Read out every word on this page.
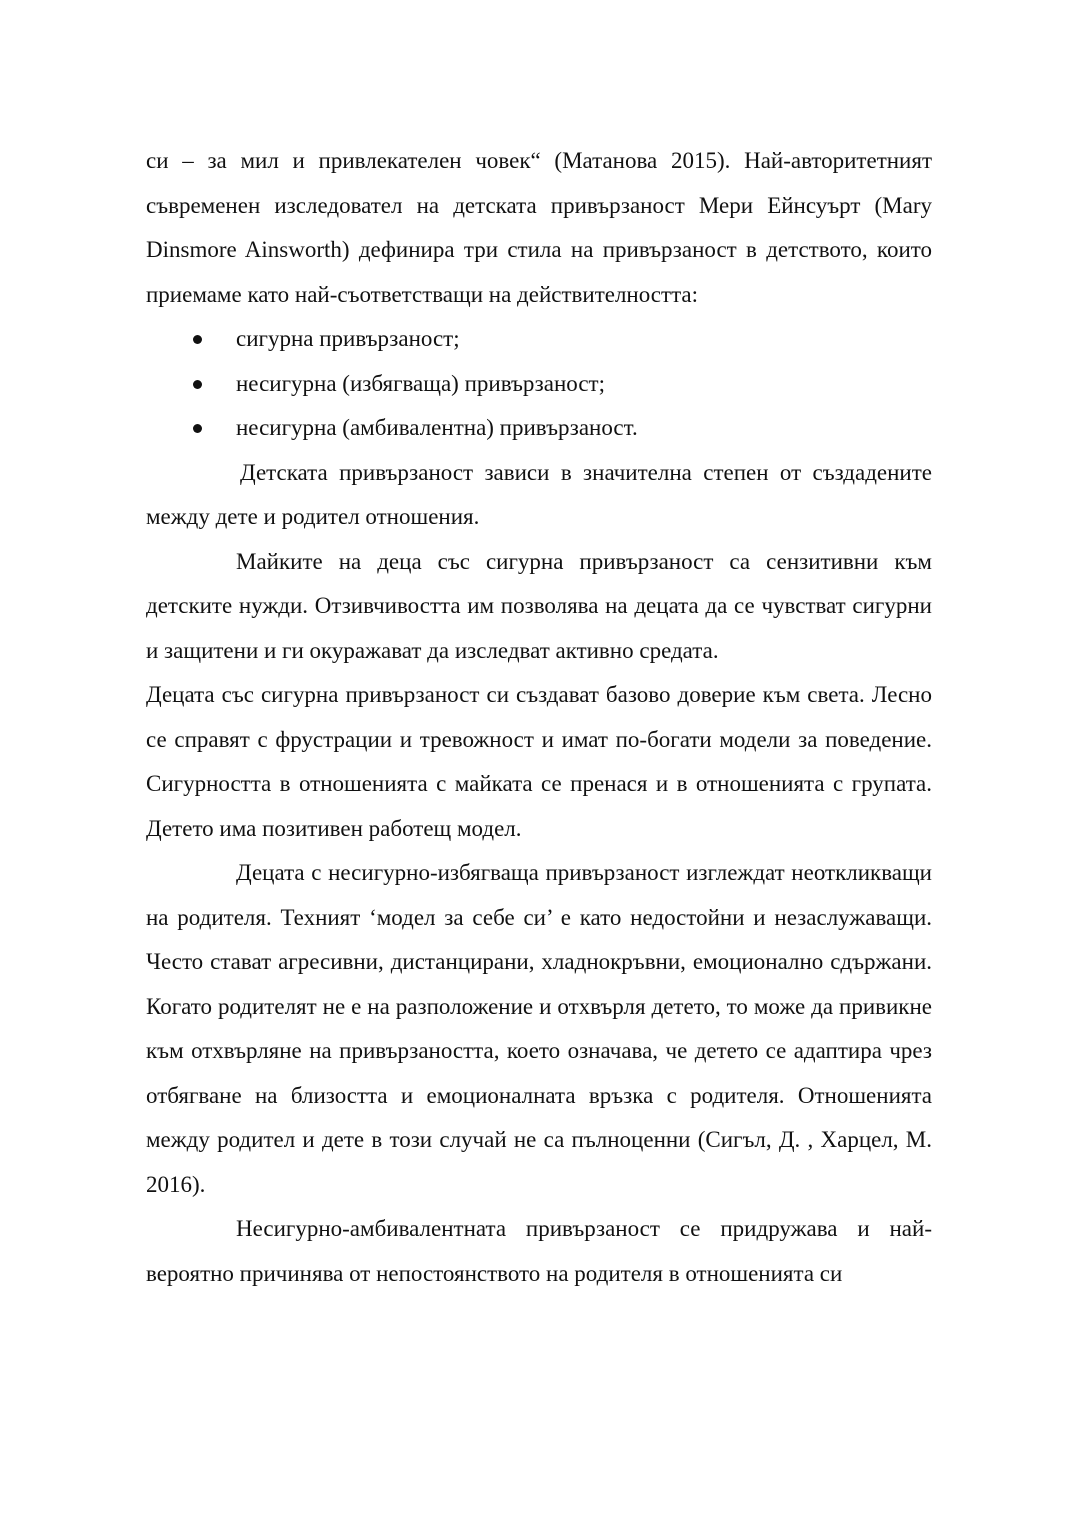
си – за мил и привлекателен човек“ (Матанова 2015). Най-авторитетният съвременен изследовател на детската привързаност Мери Ейнсуърт (Mary Dinsmore Ainsworth) дефинира три стила на привързаност в детството, които приемаме като най-съответстващи на действителността:

сигурна привързаност;
несигурна (избягваща) привързаност;
несигурна (амбивалентна) привързаност.

Детската привързаност зависи в значителна степен от създадените между дете и родител отношения.

Майките на деца със сигурна привързаност са сензитивни към детските нужди. Отзивчивостта им позволява на децата да се чувстват сигурни и защитени и ги окуражават да изследват активно средата.

Децата със сигурна привързаност си създават базово доверие към света. Лесно се справят с фрустрации и тревожност и имат по-богати модели за поведение. Сигурността в отношенията с майката се пренася и в отношенията с групата. Детето има позитивен работещ модел.

Децата с несигурно-избягваща привързаност изглеждат неоткликващи на родителя. Техният ‘модел за себе си’ е като недостойни и незаслужаващи. Често стават агресивни, дистанцирани, хладнокръвни, емоционално сдържани. Когато родителят не е на разположение и отхвърля детето, то може да привикне към отхвърляне на привързаността, което означава, че детето се адаптира чрез отбягване на близостта и емоционалната връзка с родителя. Отношенията между родител и дете в този случай не са пълноценни (Сигъл, Д. , Харцел, М. 2016).

Несигурно-амбивалентната привързаност се придружава и най-вероятно причинява от непостоянството на родителя в отношенията си
